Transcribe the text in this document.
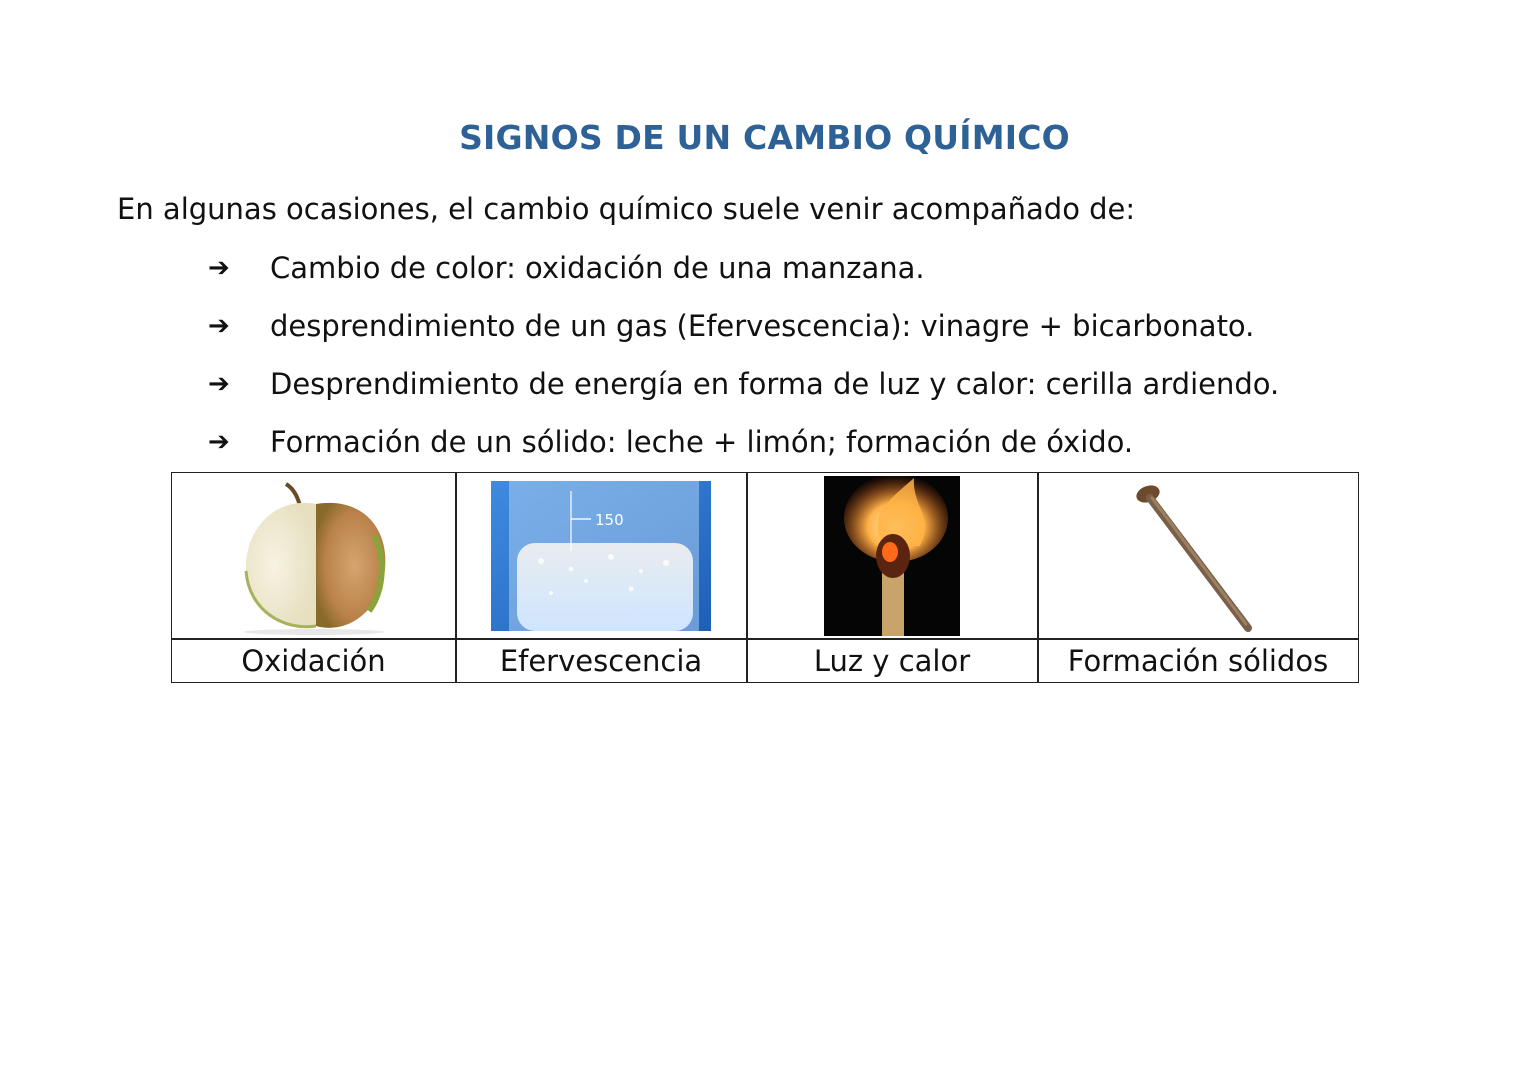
SIGNOS DE UN CAMBIO QUÍMICO
En algunas ocasiones, el cambio químico suele venir acompañado de:
➔	Cambio de color: oxidación de una manzana.
➔	desprendimiento de un gas (Efervescencia): vinagre + bicarbonato.
➔	Desprendimiento de energía en forma de luz y calor: cerilla ardiendo.
➔	Formación de un sólido: leche + limón; formación de óxido.
150
Oxidación	Efervescencia	Luz y calor	Formación sólidos
